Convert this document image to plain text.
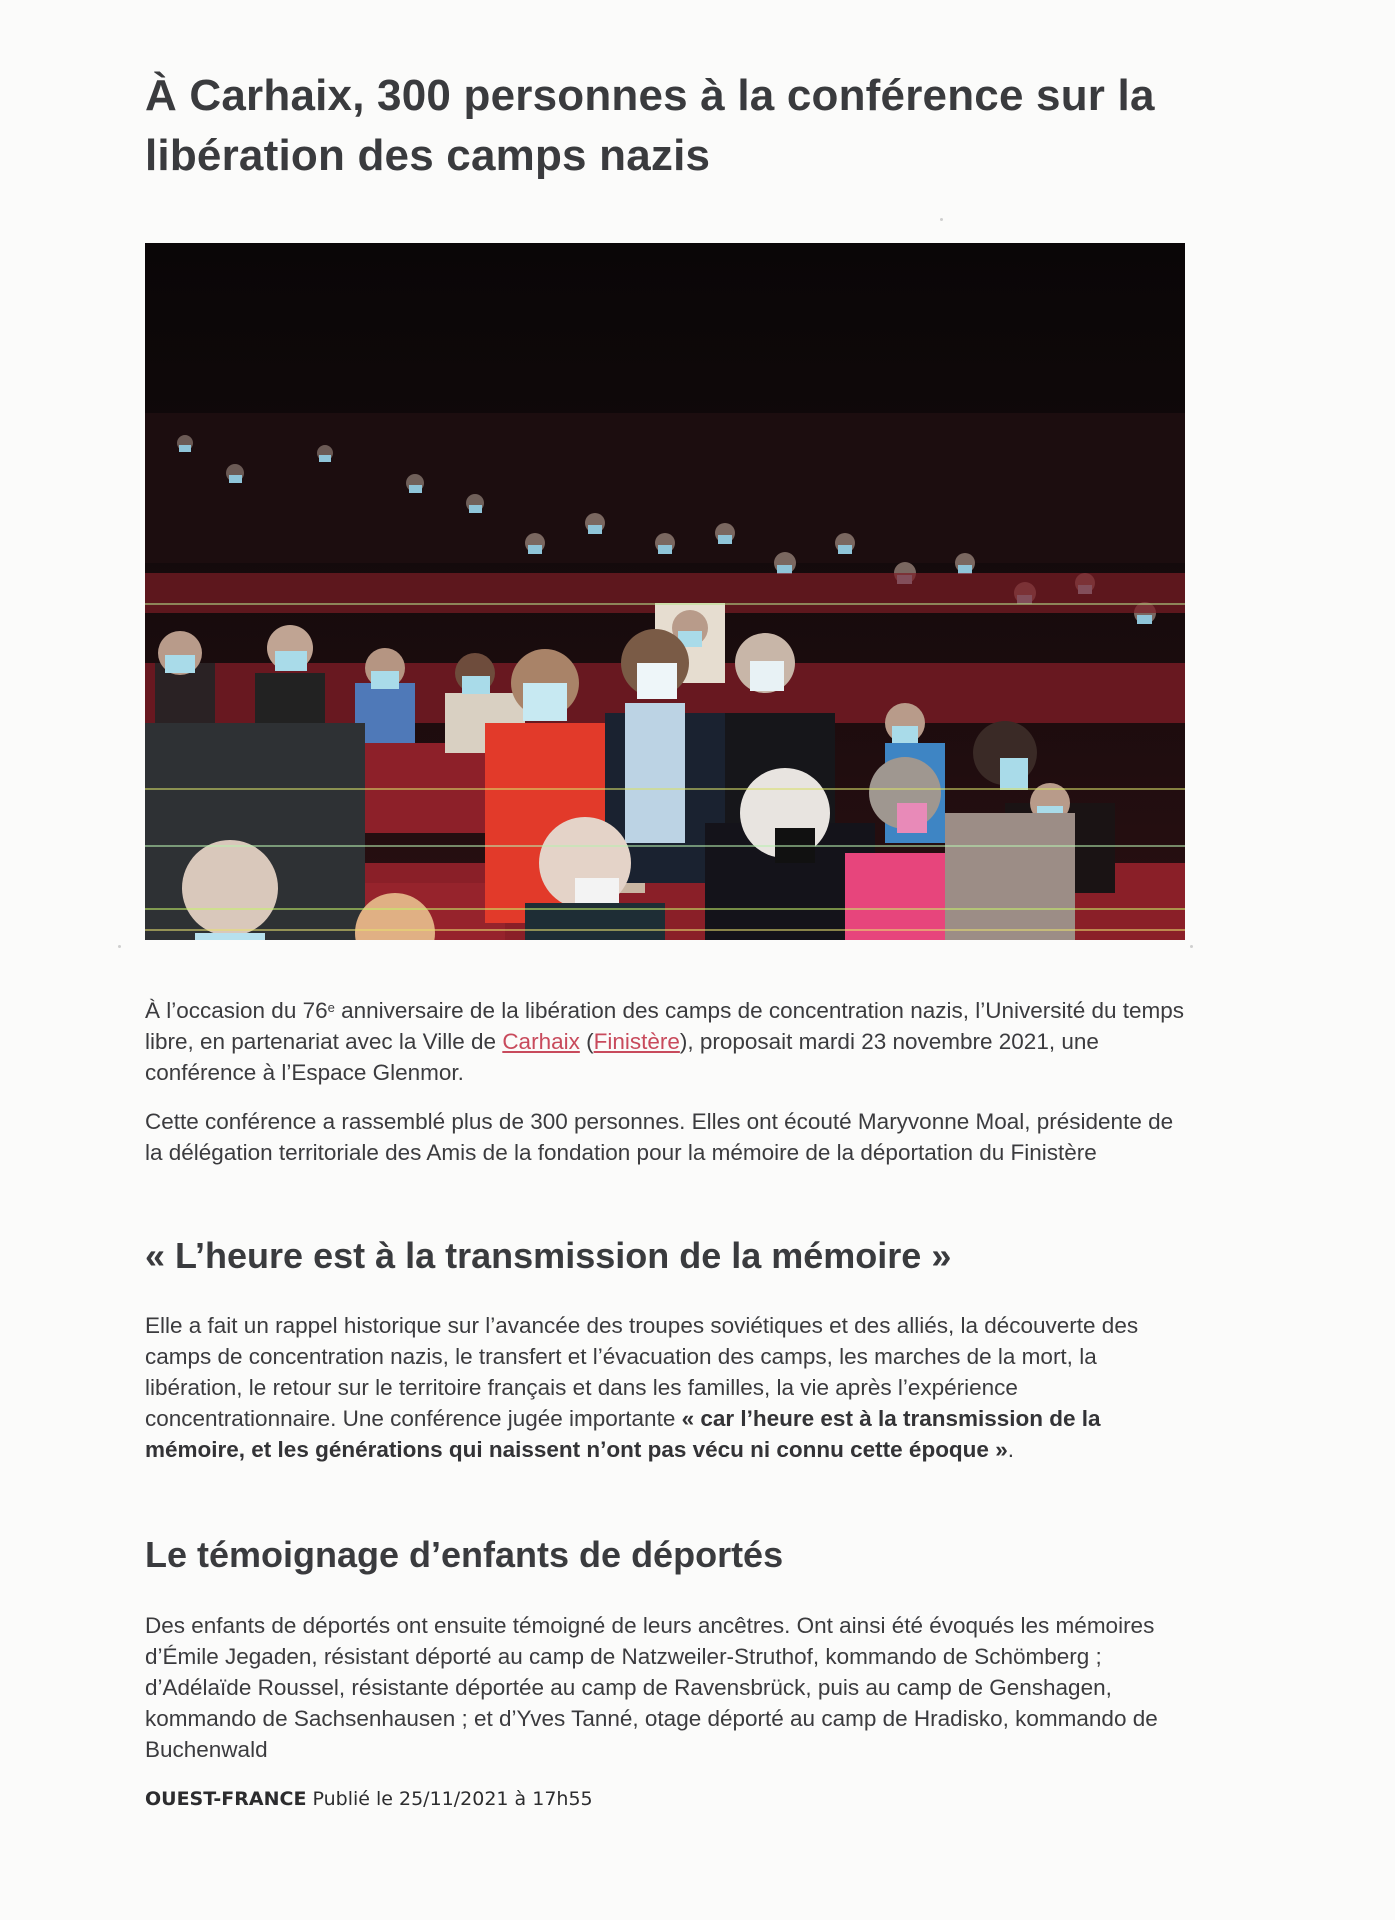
À Carhaix, 300 personnes à la conférence sur la libération des camps nazis

À l’occasion du 76e anniversaire de la libération des camps de concentration nazis, l’Université du temps libre, en partenariat avec la Ville de Carhaix (Finistère), proposait mardi 23 novembre 2021, une conférence à l’Espace Glenmor.

Cette conférence a rassemblé plus de 300 personnes. Elles ont écouté Maryvonne Moal, présidente de la délégation territoriale des Amis de la fondation pour la mémoire de la déportation du Finistère

« L’heure est à la transmission de la mémoire »

Elle a fait un rappel historique sur l’avancée des troupes soviétiques et des alliés, la découverte des camps de concentration nazis, le transfert et l’évacuation des camps, les marches de la mort, la libération, le retour sur le territoire français et dans les familles, la vie après l’expérience concentrationnaire. Une conférence jugée importante « car l’heure est à la transmission de la mémoire, et les générations qui naissent n’ont pas vécu ni connu cette époque ».

Le témoignage d’enfants de déportés

Des enfants de déportés ont ensuite témoigné de leurs ancêtres. Ont ainsi été évoqués les mémoires d’Émile Jegaden, résistant déporté au camp de Natzweiler-Struthof, kommando de Schömberg ; d’Adélaïde Roussel, résistante déportée au camp de Ravensbrück, puis au camp de Genshagen, kommando de Sachsenhausen ; et d’Yves Tanné, otage déporté au camp de Hradisko, kommando de Buchenwald

OUEST-FRANCE Publié le 25/11/2021 à 17h55
